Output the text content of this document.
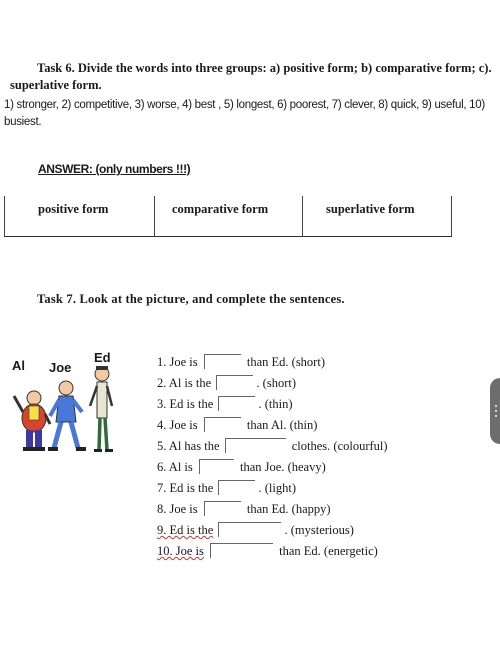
Task 6. Divide the words into three groups: a) positive form; b) comparative form; c). superlative form.
1) stronger, 2) competitive, 3) worse, 4) best , 5) longest, 6) poorest, 7) clever, 8) quick, 9) useful, 10) busiest.
ANSWER: (only numbers !!!)
positive form	comparative form	superlative form
Task 7. Look at the picture, and complete the sentences.
Al Joe
Ed	1. Joe is	than Ed. (short)
2. Al is the	. (short)
3. Ed is the	. (thin)
4. Joe is	than Al. (thin)
5. Al has the	clothes. (colourful)
6. Al is	than Joe. (heavy)
7. Ed is the	. (light)
8. Joe is	than Ed. (happy)
9. Ed is the	. (mysterious)
10. Joe is	than Ed. (energetic)
